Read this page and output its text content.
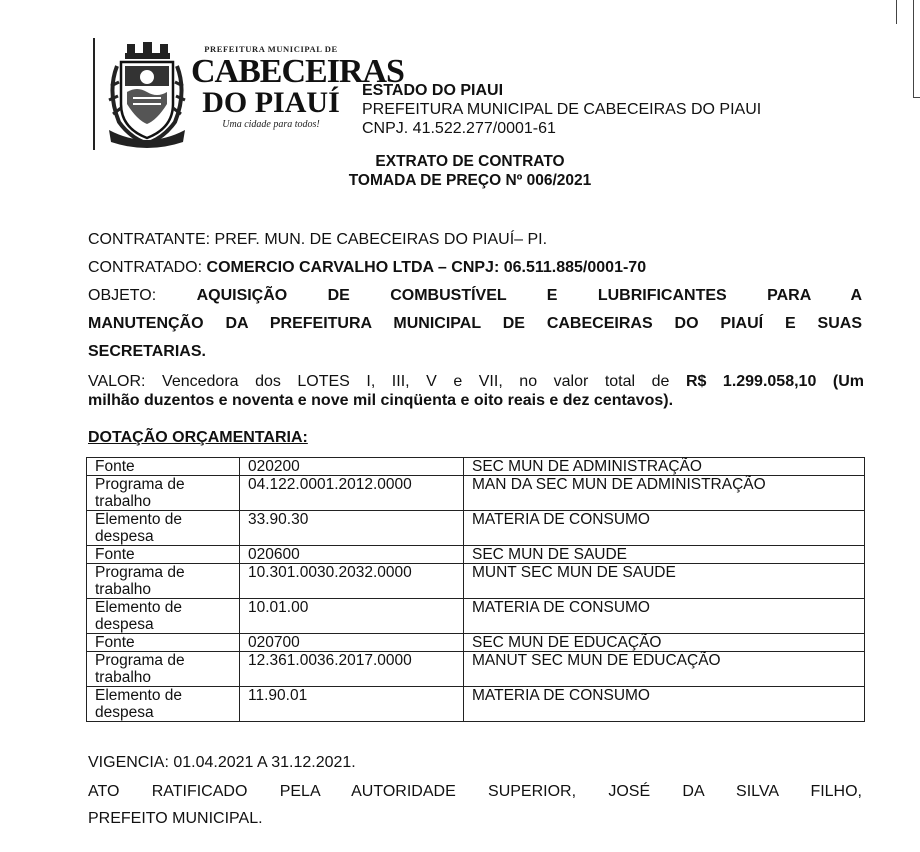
PREFEITURA MUNICIPAL DE
CABECEIRAS
DO PIAUÍ
Uma cidade para todos!
ESTADO DO PIAUI
PREFEITURA MUNICIPAL DE CABECEIRAS DO PIAUI
CNPJ. 41.522.277/0001-61
EXTRATO DE CONTRATO
TOMADA DE PREÇO Nº 006/2021
CONTRATANTE: PREF. MUN. DE CABECEIRAS DO PIAUÍ– PI.
CONTRATADO: COMERCIO CARVALHO LTDA – CNPJ: 06.511.885/0001-70
OBJETO:	AQUISIÇÃO DE COMBUSTÍVEL E LUBRIFICANTES PARA A
MANUTENÇÃO DA PREFEITURA MUNICIPAL DE CABECEIRAS DO PIAUÍ E SUAS
SECRETARIAS.
VALOR: Vencedora dos LOTES I, III, V e VII, no valor total de R$ 1.299.058,10 (Um
milhão duzentos e noventa e nove mil cinqüenta e oito reais e dez centavos).
DOTAÇÃO ORÇAMENTARIA:
Fonte	020200	SEC MUN DE ADMINISTRAÇÃO
Programa de trabalho	04.122.0001.2012.0000	MAN DA SEC MUN DE ADMINISTRAÇÃO
Elemento de despesa	33.90.30	MATERIA DE CONSUMO
Fonte	020600	SEC MUN DE SAUDE
Programa de trabalho	10.301.0030.2032.0000	MUNT SEC MUN DE SAUDE
Elemento de despesa	10.01.00	MATERIA DE CONSUMO
Fonte	020700	SEC MUN DE EDUCAÇÃO
Programa de trabalho	12.361.0036.2017.0000	MANUT SEC MUN DE EDUCAÇÃO
Elemento de despesa	11.90.01	MATERIA DE CONSUMO
VIGENCIA: 01.04.2021 A 31.12.2021.
ATO RATIFICADO PELA AUTORIDADE SUPERIOR, JOSÉ DA SILVA FILHO,
PREFEITO MUNICIPAL.
